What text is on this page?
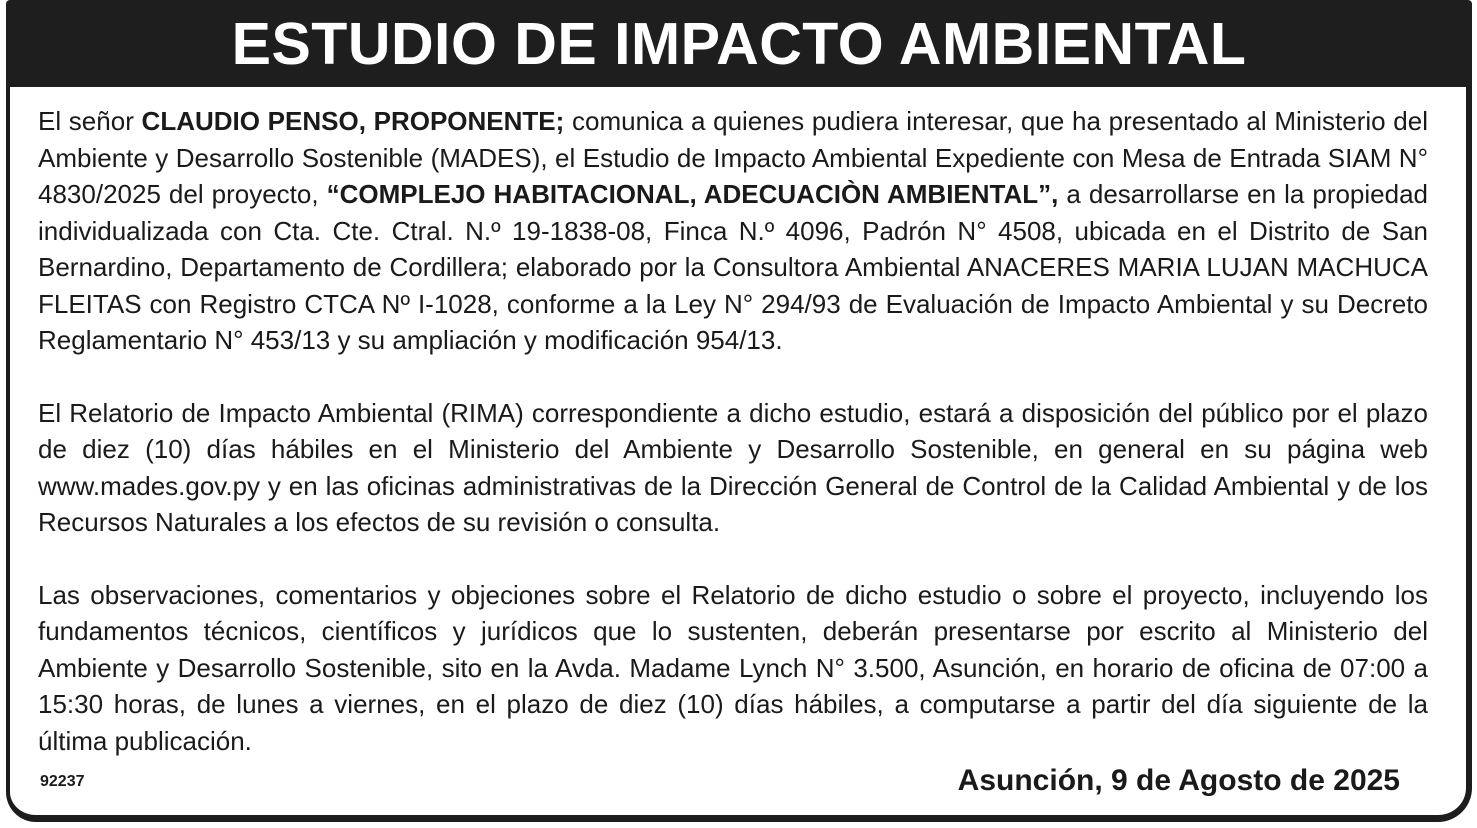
ESTUDIO DE IMPACTO AMBIENTAL

El señor CLAUDIO PENSO, PROPONENTE; comunica a quienes pudiera interesar, que ha presentado al Ministerio del Ambiente y Desarrollo Sostenible (MADES), el Estudio de Impacto Ambiental Expediente con Mesa de Entrada SIAM N° 4830/2025 del proyecto, “COMPLEJO HABITACIONAL, ADECUACIÒN AMBIENTAL”, a desarrollarse en la propiedad individualizada con Cta. Cte. Ctral. N.º 19-1838-08, Finca N.º 4096, Padrón N° 4508, ubicada en el Distrito de San Bernardino, Departamento de Cordillera; elaborado por la Consultora Ambiental ANACERES MARIA LUJAN MACHUCA FLEITAS con Registro CTCA Nº I-1028, conforme a la Ley N° 294/93 de Evaluación de Impacto Ambiental y su Decreto Reglamentario N° 453/13 y su ampliación y modificación 954/13.

El Relatorio de Impacto Ambiental (RIMA) correspondiente a dicho estudio, estará a disposición del público por el plazo de diez (10) días hábiles en el Ministerio del Ambiente y Desarrollo Sostenible, en general en su página web www.mades.gov.py y en las oficinas administrativas de la Dirección General de Control de la Calidad Ambiental y de los Recursos Naturales a los efectos de su revisión o consulta.

Las observaciones, comentarios y objeciones sobre el Relatorio de dicho estudio o sobre el proyecto, incluyendo los fundamentos técnicos, científicos y jurídicos que lo sustenten, deberán presentarse por escrito al Ministerio del Ambiente y Desarrollo Sostenible, sito en la Avda. Madame Lynch N° 3.500, Asunción, en horario de oficina de 07:00 a 15:30 horas, de lunes a viernes, en el plazo de diez (10) días hábiles, a computarse a partir del día siguiente de la última publicación.

92237	Asunción, 9 de Agosto de 2025
